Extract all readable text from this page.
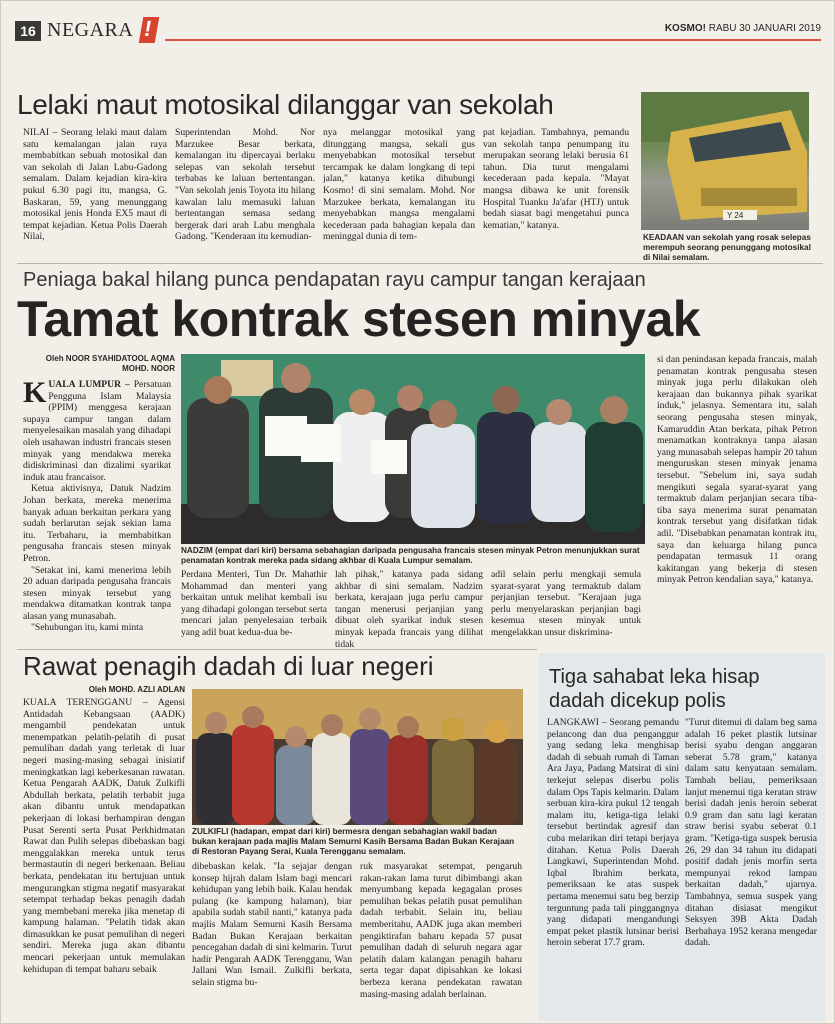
16 NEGARA
!	KOSMO! RABU 30 JANUARI 2019
Lelaki maut motosikal dilanggar van sekolah
NILAI – Seorang lelaki maut dalam satu kemalangan jalan raya membabitkan sebuah motosikal dan van sekolah di Jalan Labu-Gadong semalam. Dalam kejadian kira-kira pukul 6.30 pagi itu, mangsa, G. Baskaran, 59, yang menunggang motosikal jenis Honda EX5 maut di tempat kejadian. Ketua Polis Daerah Nilai,
Superintendan Mohd. Nor Marzukee Besar berkata, kemalangan itu dipercayai berlaku selepas van sekolah tersebut terbabas ke laluan bertentangan. "Van sekolah jenis Toyota itu hilang kawalan lalu memasuki laluan bertentangan semasa sedang bergerak dari arah Labu menghala Gadong. "Kenderaan itu kemudian-
nya melanggar motosikal yang ditunggang mangsa, sekali gus menyebabkan motosikal tersebut tercampak ke dalam longkang di tepi jalan," katanya ketika dihubungi Kosmo! di sini semalam. Mohd. Nor Marzukee berkata, kemalangan itu menyebabkan mangsa mengalami kecederaan pada bahagian kepala dan meninggal dunia di tem-
pat kejadian. Tambahnya, pemandu van sekolah tanpa penumpang itu merupakan seorang lelaki berusia 61 tahun. Dia turut mengalami kecederaan pada kepala. "Mayat mangsa dibawa ke unit forensik Hospital Tuanku Ja'afar (HTJ) untuk bedah siasat bagi mengetahui punca kematian," katanya.
Y 24
KEADAAN van sekolah yang rosak selepas merempuh seorang penunggang motosikal di Nilai semalam.
Peniaga bakal hilang punca pendapatan rayu campur tangan kerajaan
Tamat kontrak stesen minyak
Oleh NOOR SYAHIDATOOL AQMA MOHD. NOOR

KUALA LUMPUR – Persatuan Pengguna Islam Malaysia (PPIM) menggesa kerajaan supaya campur tangan dalam menyelesaikan masalah yang dihadapi oleh usahawan industri francais stesen minyak yang mendakwa mereka didiskriminasi dan dizalimi syarikat induk atau francaisor.

Ketua aktivisnya, Datuk Nadzim Johan berkata, mereka menerima banyak aduan berkaitan perkara yang sudah berlarutan sejak sekian lama itu. Terbaharu, ia membabitkan pengusaha francais stesen minyak Petron.

"Setakat ini, kami menerima lebih 20 aduan daripada pengusaha francais stesen minyak tersebut yang mendakwa ditamatkan kontrak tanpa alasan yang munasabah.

"Sehubungan itu, kami minta

NADZIM (empat dari kiri) bersama sebahagian daripada pengusaha francais stesen minyak Petron menunjukkan surat penamatan kontrak mereka pada sidang akhbar di Kuala Lumpur semalam.
Perdana Menteri, Tun Dr. Mahathir Mohammad dan menteri yang berkaitan untuk melihat kembali isu yang dihadapi golongan tersebut serta mencari jalan penyelesaian terbaik yang adil buat kedua-dua be-
lah pihak," katanya pada sidang akhbar di sini semalam. Nadzim berkata, kerajaan juga perlu campur tangan menerusi perjanjian yang dibuat oleh syarikat induk stesen minyak kepada francais yang dilihat tidak
adil selain perlu mengkaji semula syarat-syarat yang termaktub dalam perjanjian tersebut. "Kerajaan juga perlu menyelaraskan perjanjian bagi kesemua stesen minyak untuk mengelakkan unsur diskrimina-
si dan penindasan kepada francais, malah penamatan kontrak pengusaha stesen minyak juga perlu dilakukan oleh kerajaan dan bukannya pihak syarikat induk," jelasnya. Sementara itu, salah seorang pengusaha stesen minyak, Kamaruddin Atan berkata, pihak Petron menamatkan kontraknya tanpa alasan yang munasabah selepas hampir 20 tahun menguruskan stesen minyak jenama tersebut. "Sebelum ini, saya sudah mengikuti segala syarat-syarat yang termaktub dalam perjanjian secara tiba-tiba saya menerima surat penamatan kontrak tersebut yang disifatkan tidak adil. "Disebabkan penamatan kontrak itu, saya dan keluarga hilang punca pendapatan termasuk 11 orang kakitangan yang bekerja di stesen minyak Petron kendalian saya," katanya.
Rawat penagih dadah di luar negeri
Oleh MOHD. AZLI ADLAN
KUALA TERENGGANU – Agensi Antidadah Kebangsaan (AADK) mengambil pendekatan untuk menempatkan pelatih-pelatih di pusat pemulihan dadah yang terletak di luar negeri masing-masing sebagai inisiatif meningkatkan lagi keberkesanan rawatan. Ketua Pengarah AADK, Datuk Zulkifli Abdullah berkata, pelatih terbabit juga akan dibantu untuk mendapatkan pekerjaan di lokasi berhampiran dengan Pusat Serenti serta Pusat Perkhidmatan Rawat dan Pulih selepas dibebaskan bagi menggalakkan mereka untuk terus bermastautin di negeri berkenaan. Beliau berkata, pendekatan itu bertujuan untuk mengurangkan stigma negatif masyarakat setempat terhadap bekas penagih dadah yang membebani mereka jika menetap di kampung halaman. "Pelatih tidak akan dimasukkan ke pusat pemulihan di negeri sendiri. Mereka juga akan dibantu mencari pekerjaan untuk memulakan kehidupan di tempat baharu sebaik
ZULKIFLI (hadapan, empat dari kiri) bermesra dengan sebahagian wakil badan bukan kerajaan pada majlis Malam Semurni Kasih Bersama Badan Bukan Kerajaan di Restoran Payang Serai, Kuala Terengganu semalam.
dibebaskan kelak. "Ia sejajar dengan konsep hijrah dalam Islam bagi mencari kehidupan yang lebih baik. Kalau hendak pulang (ke kampung halaman), biar apabila sudah stabil nanti," katanya pada majlis Malam Semurni Kasih Bersama Badan Bukan Kerajaan berkaitan pencegahan dadah di sini kelmarin. Turut hadir Pengarah AADK Terengganu, Wan Jallani Wan Ismail. Zulkifli berkata, selain stigma bu-
ruk masyarakat setempat, pengaruh rakan-rakan lama turut dibimbangi akan menyumbang kepada kegagalan proses pemulihan bekas pelatih pusat pemulihan dadah terbabit. Selain itu, beliau memberitahu, AADK juga akan memberi pengiktirafan baharu kepada 57 pusat pemulihan dadah di seluruh negara agar pelatih dalam kalangan penagih baharu serta tegar dapat dipisahkan ke lokasi berbeza kerana pendekatan rawatan masing-masing adalah berlainan.
Tiga sahabat leka hisap dadah dicekup polis
LANGKAWI – Seorang pemandu pelancong dan dua penganggur yang sedang leka menghisap dadah di sebuah rumah di Taman Ara Jaya, Padang Matsirat di sini terkejut selepas diserbu polis dalam Ops Tapis kelmarin. Dalam serbuan kira-kira pukul 12 tengah malam itu, ketiga-tiga lelaki tersebut bertindak agresif dan cuba melarikan diri tetapi berjaya ditahan. Ketua Polis Daerah Langkawi, Superintendan Mohd. Iqbal Ibrahim berkata, pemeriksaan ke atas suspek pertama menemui satu beg berzip terguntung pada tali pinggangnya yang didapati mengandungi empat peket plastik lutsinar berisi heroin seberat 17.7 gram.
"Turut ditemui di dalam beg sama adalah 16 peket plastik lutsinar berisi syabu dengan anggaran seberat 5.78 gram," katanya dalam satu kenyataan semalam. Tambah beliau, pemeriksaan lanjut menemui tiga keratan straw berisi dadah jenis heroin seberat 0.9 gram dan satu lagi keratan straw berisi syabu seberat 0.1 gram. "Ketiga-tiga suspek berusia 26, 29 dan 34 tahun itu didapati positif dadah jenis morfin serta mempunyai rekod lampau berkaitan dadah," ujarnya. Tambahnya, semua suspek yang ditahan disiasat mengikut Seksyen 39B Akta Dadah Berbahaya 1952 kerana mengedar dadah.
